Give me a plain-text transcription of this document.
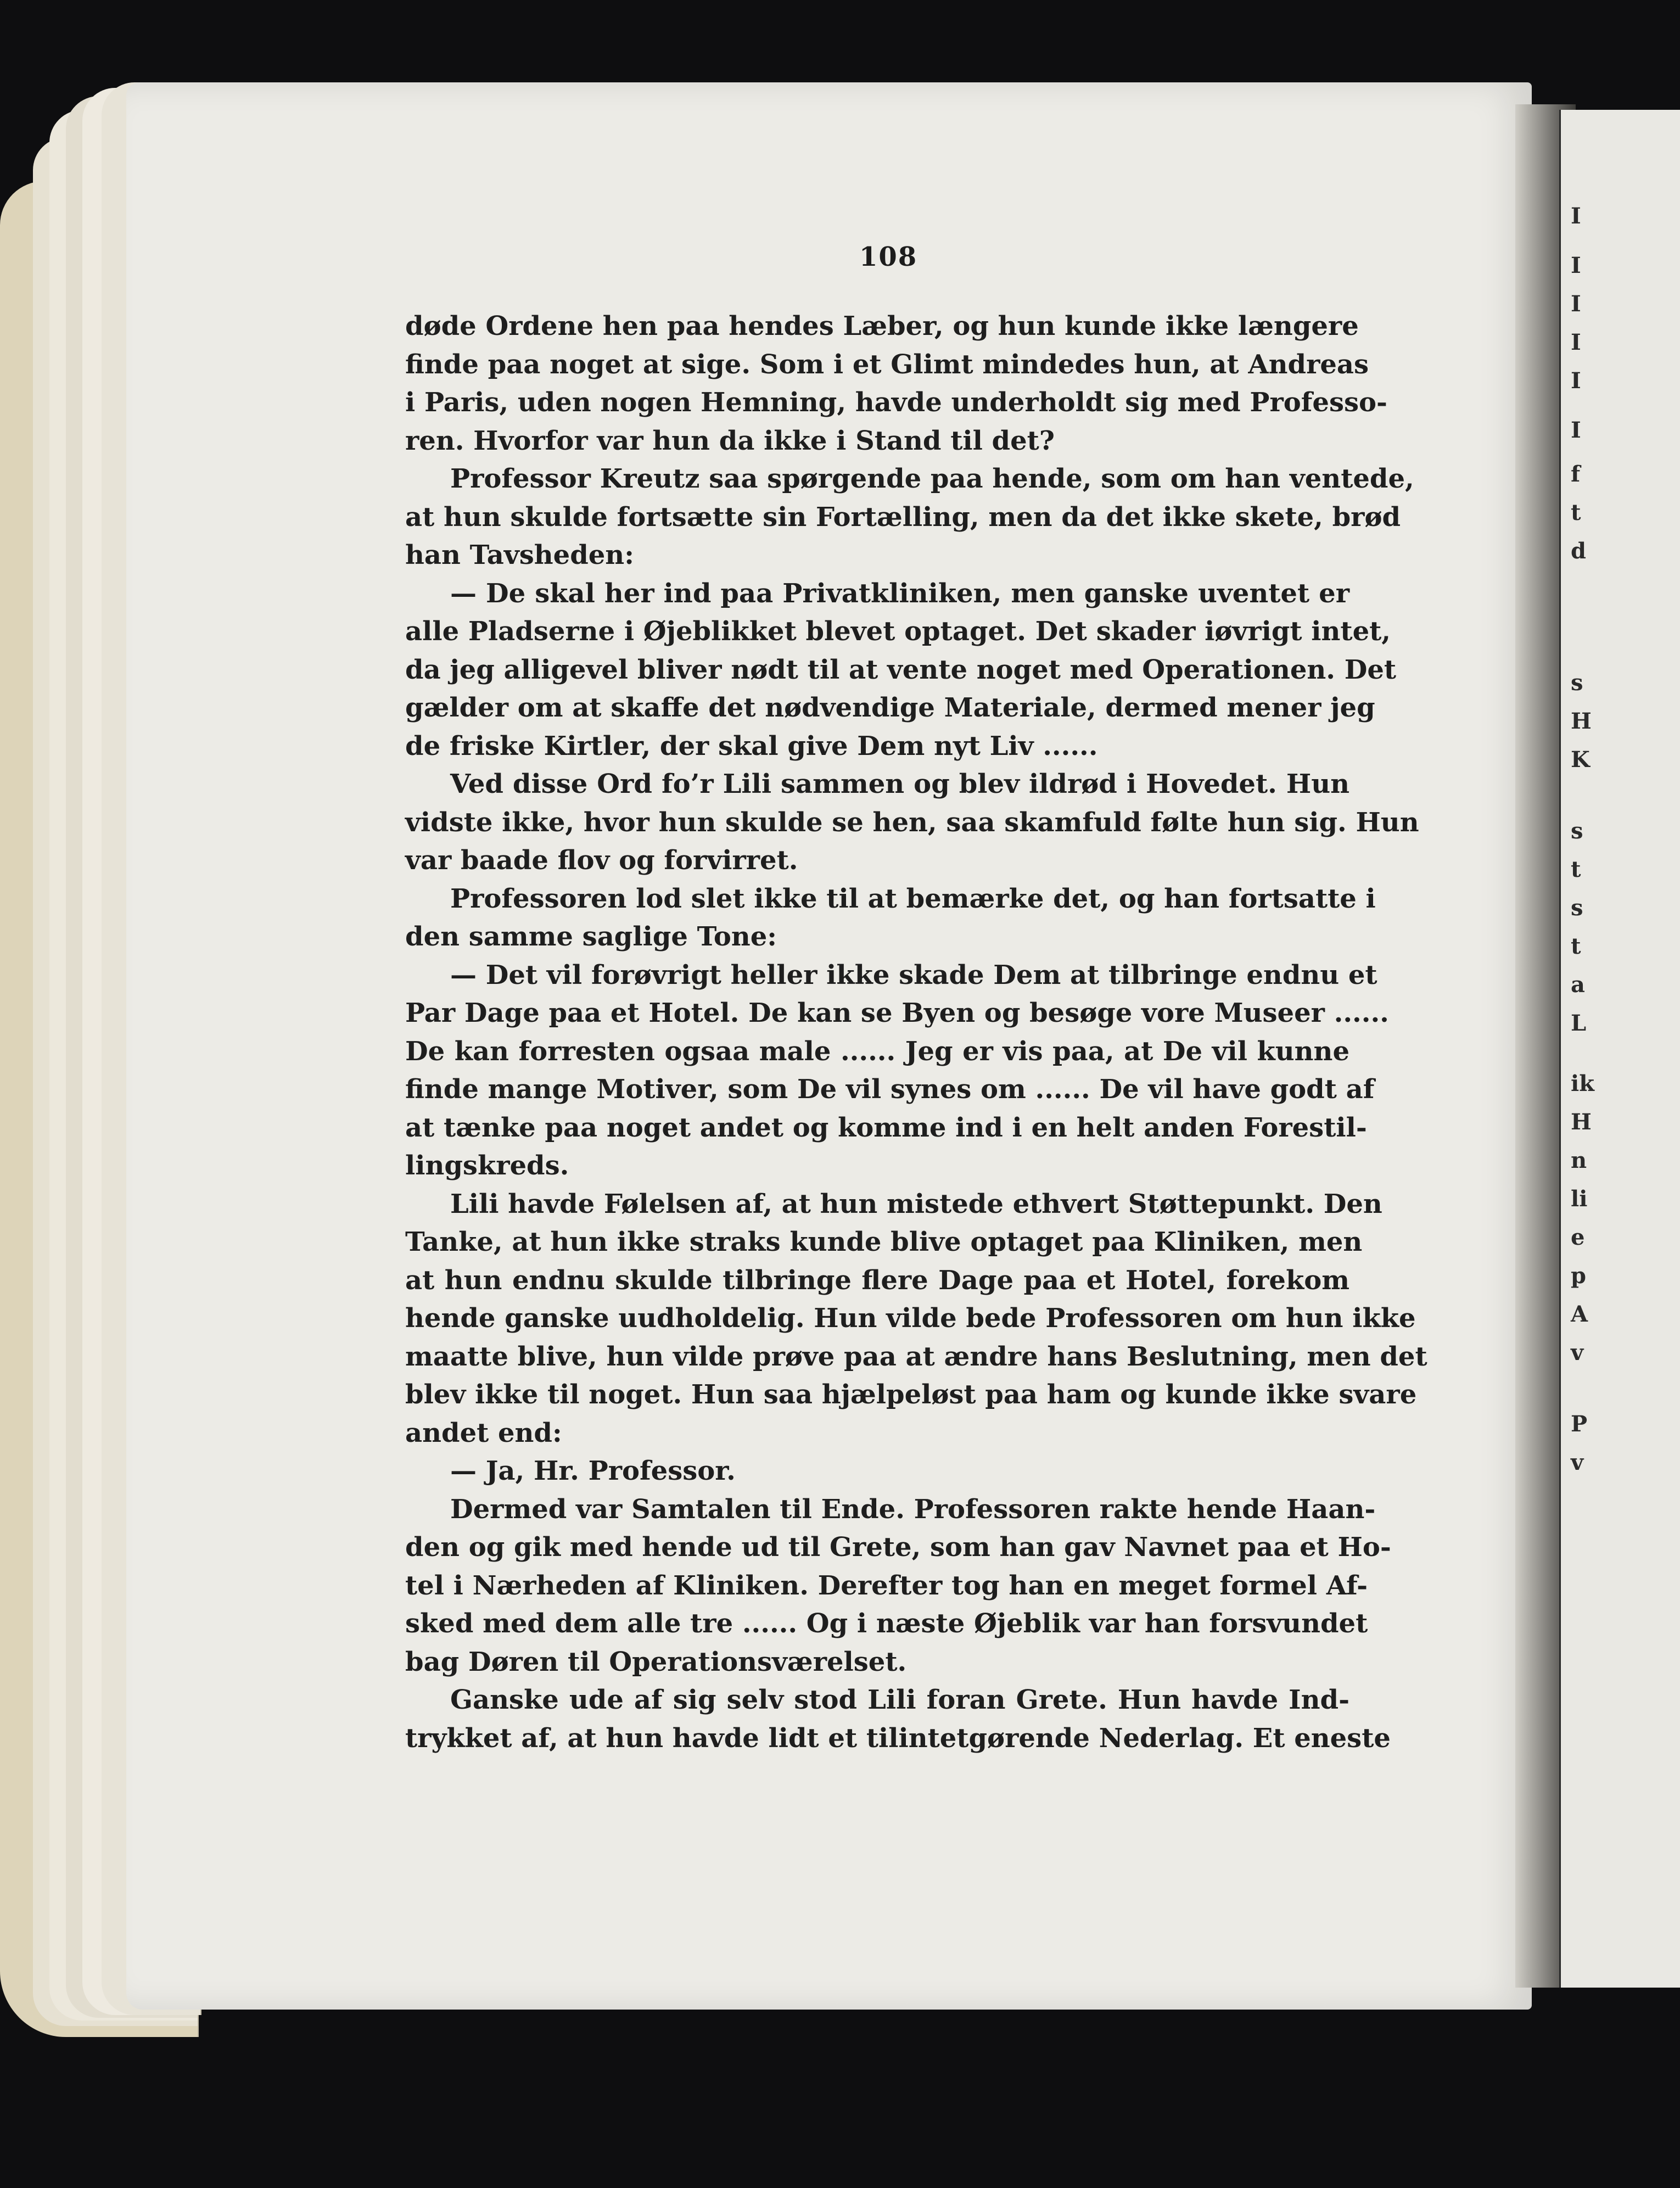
I
I
I
I
I
I
f
t
d
s
H
K
s
t
s
t
a
L
ik
H
n
li
e
p
A
v
P
v
108
døde Ordene hen paa hendes Læber, og hun kunde ikke længere
finde paa noget at sige. Som i et Glimt mindedes hun, at Andreas
i Paris, uden nogen Hemning, havde underholdt sig med Professo-
ren. Hvorfor var hun da ikke i Stand til det?
Professor Kreutz saa spørgende paa hende, som om han ventede,
at hun skulde fortsætte sin Fortælling, men da det ikke skete, brød
han Tavsheden:
— De skal her ind paa Privatkliniken, men ganske uventet er
alle Pladserne i Øjeblikket blevet optaget. Det skader iøvrigt intet,
da jeg alligevel bliver nødt til at vente noget med Operationen. Det
gælder om at skaffe det nødvendige Materiale, dermed mener jeg
de friske Kirtler, der skal give Dem nyt Liv ......
Ved disse Ord fo’r Lili sammen og blev ildrød i Hovedet. Hun
vidste ikke, hvor hun skulde se hen, saa skamfuld følte hun sig. Hun
var baade flov og forvirret.
Professoren lod slet ikke til at bemærke det, og han fortsatte i
den samme saglige Tone:
— Det vil forøvrigt heller ikke skade Dem at tilbringe endnu et
Par Dage paa et Hotel. De kan se Byen og besøge vore Museer ......
De kan forresten ogsaa male ...... Jeg er vis paa, at De vil kunne
finde mange Motiver, som De vil synes om ...... De vil have godt af
at tænke paa noget andet og komme ind i en helt anden Forestil-
lingskreds.
Lili havde Følelsen af, at hun mistede ethvert Støttepunkt. Den
Tanke, at hun ikke straks kunde blive optaget paa Kliniken, men
at hun endnu skulde tilbringe flere Dage paa et Hotel, forekom
hende ganske uudholdelig. Hun vilde bede Professoren om hun ikke
maatte blive, hun vilde prøve paa at ændre hans Beslutning, men det
blev ikke til noget. Hun saa hjælpeløst paa ham og kunde ikke svare
andet end:
— Ja, Hr. Professor.
Dermed var Samtalen til Ende. Professoren rakte hende Haan-
den og gik med hende ud til Grete, som han gav Navnet paa et Ho-
tel i Nærheden af Kliniken. Derefter tog han en meget formel Af-
sked med dem alle tre ...... Og i næste Øjeblik var han forsvundet
bag Døren til Operationsværelset.
Ganske ude af sig selv stod Lili foran Grete. Hun havde Ind-
trykket af, at hun havde lidt et tilintetgørende Nederlag. Et eneste
